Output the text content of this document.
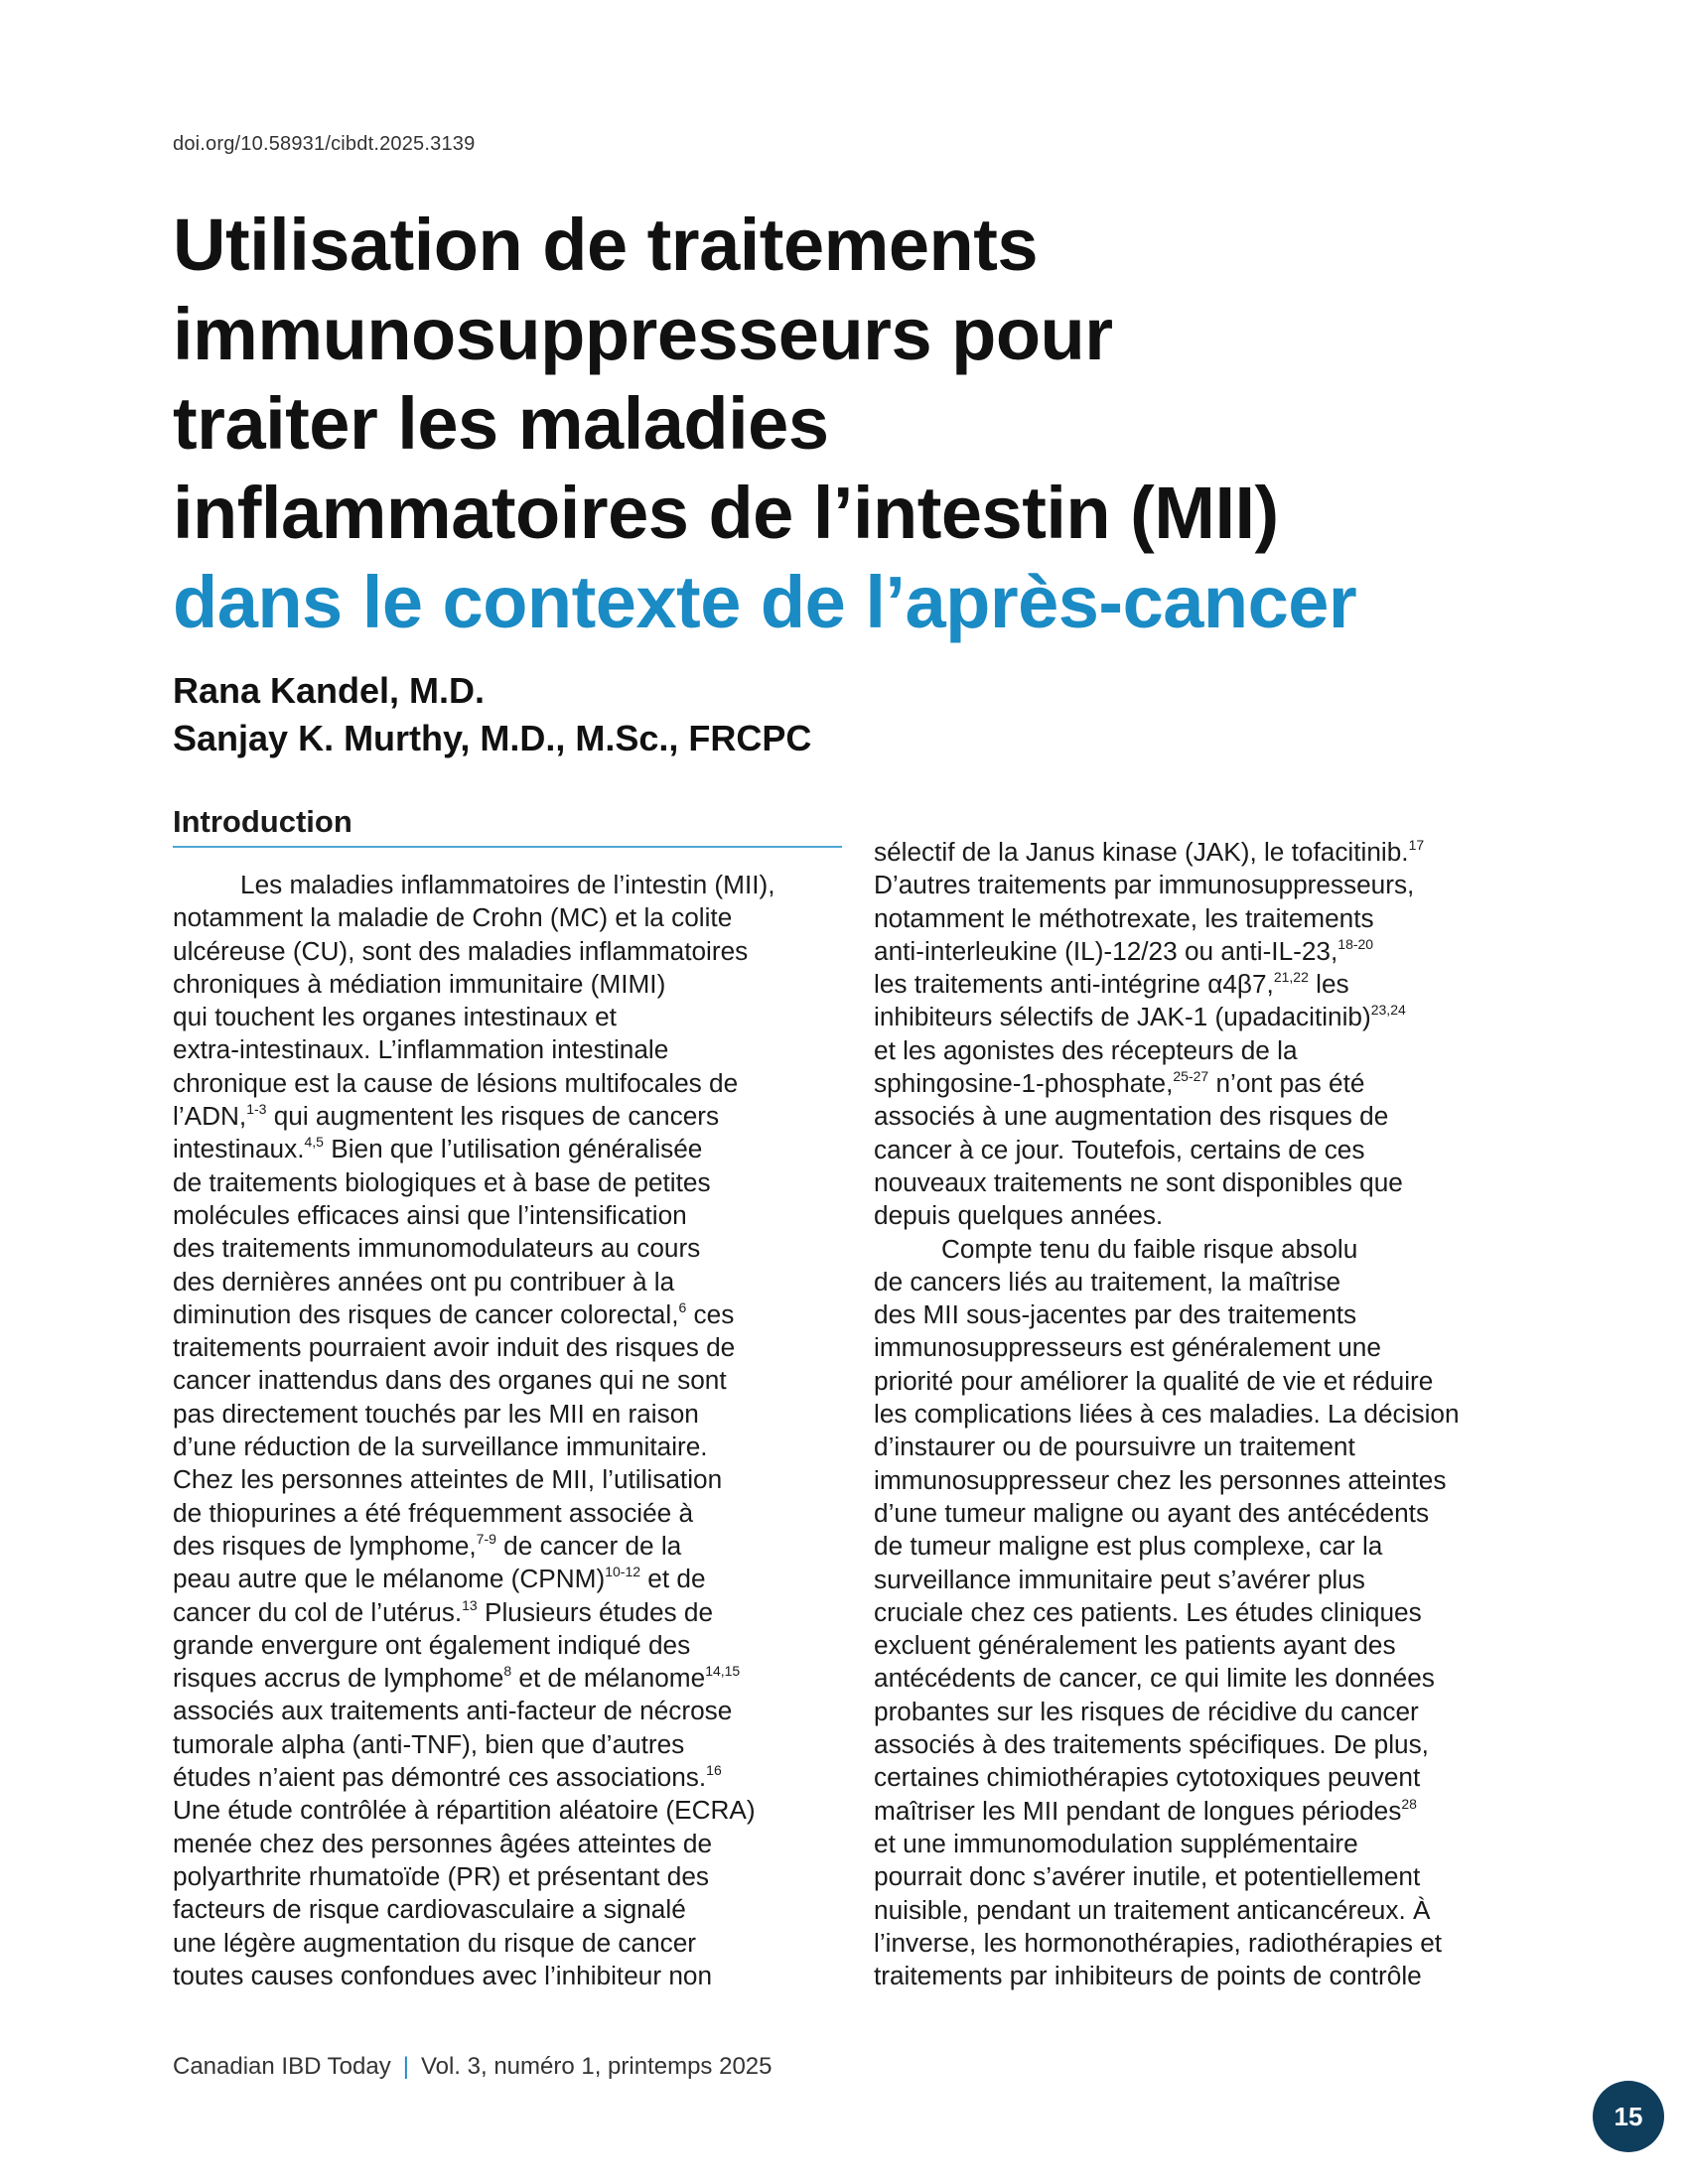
doi.org/10.58931/cibdt.2025.3139
Utilisation de traitements
immunosuppresseurs pour
traiter les maladies
inflammatoires de l’intestin (MII)
dans le contexte de l’après-cancer
Rana Kandel, M.D.
Sanjay K. Murthy, M.D., M.Sc., FRCPC
Introduction
Les maladies inflammatoires de l’intestin (MII),
notamment la maladie de Crohn (MC) et la colite
ulcéreuse (CU), sont des maladies inflammatoires
chroniques à médiation immunitaire (MIMI)
qui touchent les organes intestinaux et
extra-intestinaux. L’inflammation intestinale
chronique est la cause de lésions multifocales de
l’ADN,$^{1-3}$ qui augmentent les risques de cancers
intestinaux.$^{4,5}$ Bien que l’utilisation généralisée
de traitements biologiques et à base de petites
molécules efficaces ainsi que l’intensification
des traitements immunomodulateurs au cours
des dernières années ont pu contribuer à la
diminution des risques de cancer colorectal,$^6$ ces
traitements pourraient avoir induit des risques de
cancer inattendus dans des organes qui ne sont
pas directement touchés par les MII en raison
d’une réduction de la surveillance immunitaire.
Chez les personnes atteintes de MII, l’utilisation
de thiopurines a été fréquemment associée à
des risques de lymphome,$^{7-9}$ de cancer de la
peau autre que le mélanome (CPNM)$^{10-12}$ et de
cancer du col de l’utérus.$^{13}$ Plusieurs études de
grande envergure ont également indiqué des
risques accrus de lymphome$^8$ et de mélanome$^{14,15}$
associés aux traitements anti-facteur de nécrose
tumorale alpha (anti-TNF), bien que d’autres
études n’aient pas démontré ces associations.$^{16}$
Une étude contrôlée à répartition aléatoire (ECRA)
menée chez des personnes âgées atteintes de
polyarthrite rhumatoïde (PR) et présentant des
facteurs de risque cardiovasculaire a signalé
une légère augmentation du risque de cancer
toutes causes confondues avec l’inhibiteur non
sélectif de la Janus kinase (JAK), le tofacitinib.$^{17}$
D’autres traitements par immunosuppresseurs,
notamment le méthotrexate, les traitements
anti-interleukine (IL)-12/23 ou anti-IL-23,$^{18-20}$
les traitements anti-intégrine α4β7,$^{21,22}$ les
inhibiteurs sélectifs de JAK-1 (upadacitinib)$^{23,24}$
et les agonistes des récepteurs de la
sphingosine-1-phosphate,$^{25-27}$ n’ont pas été
associés à une augmentation des risques de
cancer à ce jour. Toutefois, certains de ces
nouveaux traitements ne sont disponibles que
depuis quelques années.
Compte tenu du faible risque absolu
de cancers liés au traitement, la maîtrise
des MII sous-jacentes par des traitements
immunosuppresseurs est généralement une
priorité pour améliorer la qualité de vie et réduire
les complications liées à ces maladies. La décision
d’instaurer ou de poursuivre un traitement
immunosuppresseur chez les personnes atteintes
d’une tumeur maligne ou ayant des antécédents
de tumeur maligne est plus complexe, car la
surveillance immunitaire peut s’avérer plus
cruciale chez ces patients. Les études cliniques
excluent généralement les patients ayant des
antécédents de cancer, ce qui limite les données
probantes sur les risques de récidive du cancer
associés à des traitements spécifiques. De plus,
certaines chimiothérapies cytotoxiques peuvent
maîtriser les MII pendant de longues périodes$^{28}$
et une immunomodulation supplémentaire
pourrait donc s’avérer inutile, et potentiellement
nuisible, pendant un traitement anticancéreux. À
l’inverse, les hormonothérapies, radiothérapies et
traitements par inhibiteurs de points de contrôle
Canadian IBD Today | Vol. 3, numéro 1, printemps 2025
15
